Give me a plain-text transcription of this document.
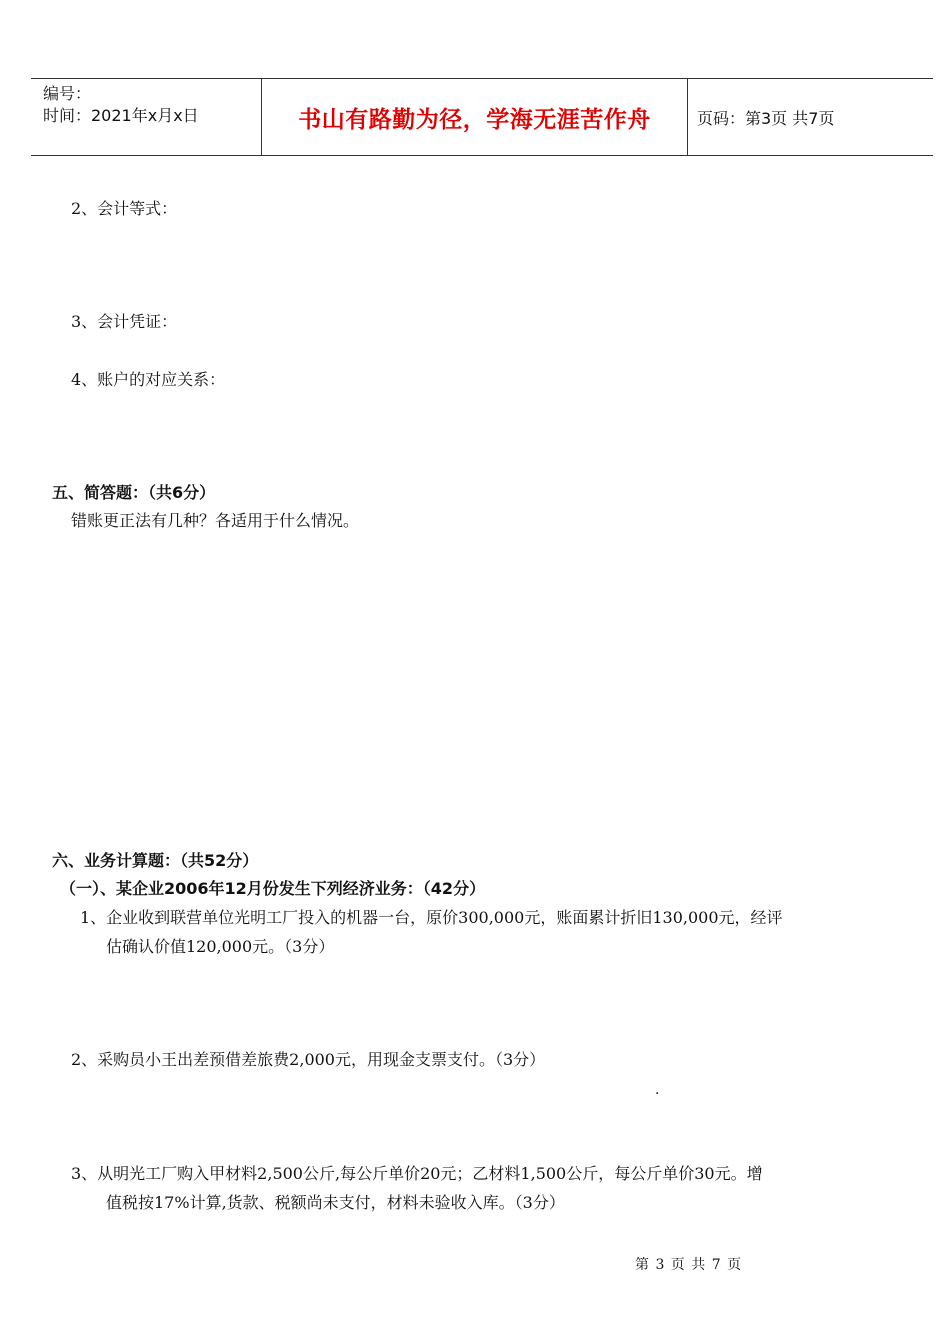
编号：
时间：2021年x月x日	书山有路勤为径，学海无涯苦作舟	页码：第3页 共7页
2、会计等式：
3、会计凭证：
4、账户的对应关系：
五、简答题：（共6分）
错账更正法有几种？各适用于什么情况。
六、业务计算题：（共52分）
（一）、某企业2006年12月份发生下列经济业务：（42分）
1、企业收到联营单位光明工厂投入的机器一台，原价300,000元，账面累计折旧130,000元，经评
估确认价值120,000元。（3分）
2、采购员小王出差预借差旅费2,000元，用现金支票支付。（3分）
.
3、从明光工厂购入甲材料2,500公斤,每公斤单价20元；乙材料1,500公斤，每公斤单价30元。增
值税按17%计算,货款、税额尚未支付，材料未验收入库。（3分）
第 3 页 共 7 页
